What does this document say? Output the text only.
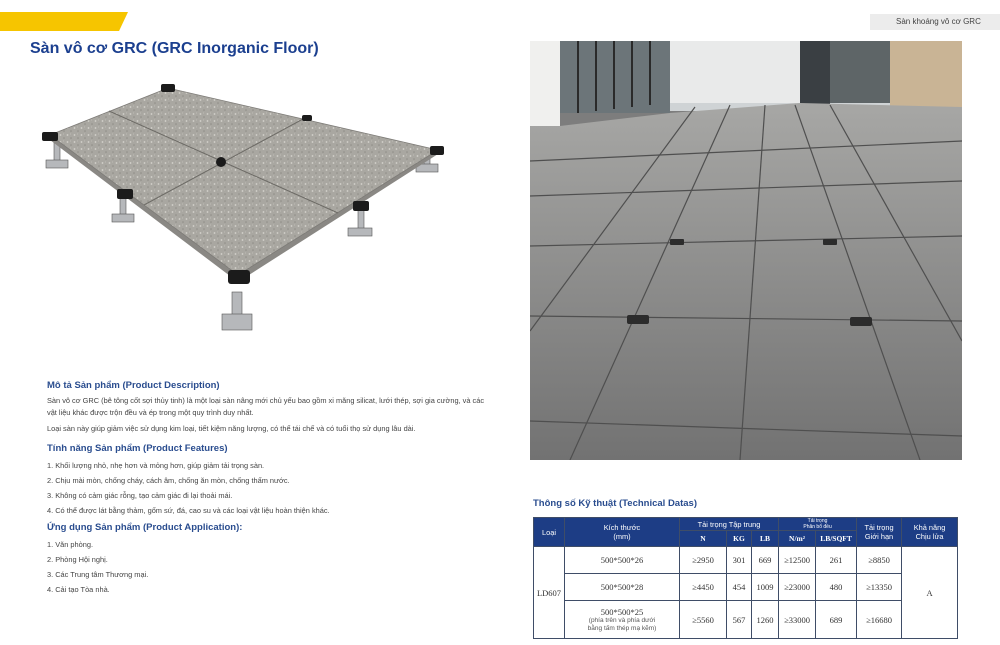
Sàn khoáng vô cơ GRC
Sàn vô cơ GRC (GRC Inorganic Floor)
Mô tả Sản phẩm (Product Description)

Sàn vô cơ GRC (bê tông cốt sợi thủy tinh) là một loại sàn nâng mới chủ yếu bao gồm xi măng silicat, lưới thép, sợi gia cường, và các vật liệu khác được trộn đều và ép trong một quy trình duy nhất.

Loại sàn này giúp giảm việc sử dụng kim loại, tiết kiệm năng lượng, có thể tái chế và có tuổi thọ sử dụng lâu dài.

Tính năng Sản phẩm (Product Features)
1. Khối lượng nhỏ, nhẹ hơn và mỏng hơn, giúp giảm tải trọng sàn.
2. Chịu mài mòn, chống cháy, cách âm, chống ăn mòn, chống thấm nước.
3. Không có cảm giác rỗng, tạo cảm giác đi lại thoải mái.
4. Có thể được lát bằng thảm, gốm sứ, đá, cao su và các loại vật liệu hoàn thiện khác.
Ứng dụng Sản phẩm (Product Application):
1. Văn phòng.
2. Phòng Hội nghị.
3. Các Trung tâm Thương mại.
4. Cải tạo Tòa nhà.
Thông số Kỹ thuật (Technical Datas)
Loại	Kích thước
(mm)	Tải trọng Tập trung			Tải trọng
Phân bổ đều		Tải trọng
Giới hạn	Khả năng
Chịu lửa
		N	KG	LB	N/m²	LB/SQFT		
LD607	500*500*26	≥2950	301	669	≥12500	261	≥8850	A
	500*500*28	≥4450	454	1009	≥23000	480	≥13350	

	500*500*25
(phía trên và phía dưới
bằng tấm thép mạ kẽm)	≥5560	567	1260	≥33000	689	≥16680	
